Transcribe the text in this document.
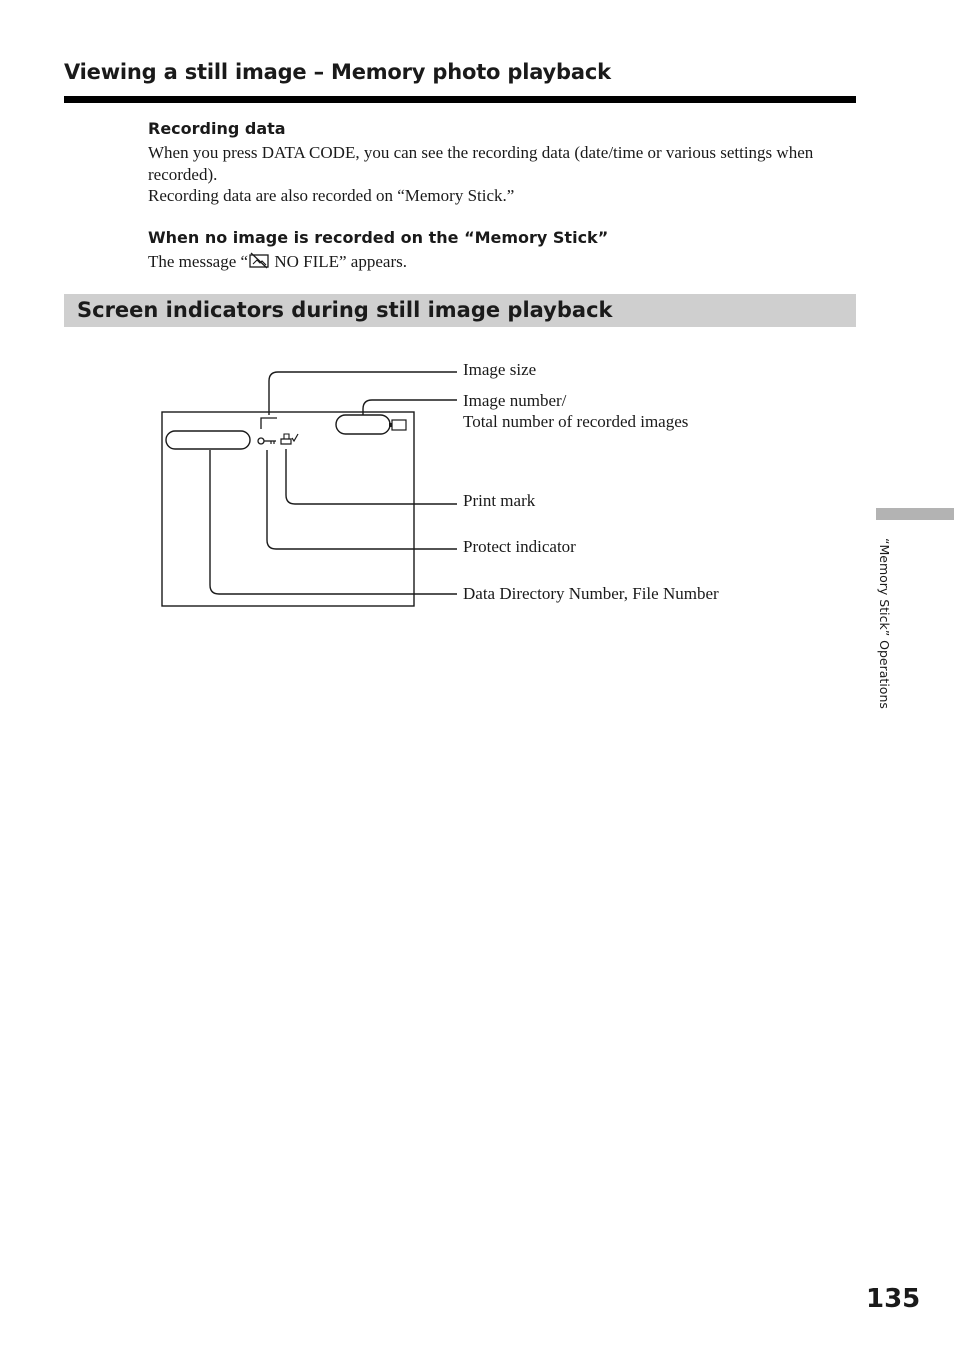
Viewing a still image – Memory photo playback

Recording data

When you press DATA CODE, you can see the recording data (date/time or various settings when recorded).

Recording data are also recorded on “Memory Stick.”

When no image is recorded on the “Memory Stick”

The message “ NO FILE” appears.

Screen indicators during still image playback

Image size

Image number/

Total number of recorded images

Print mark

Protect indicator

Data Directory Number, File Number	“Memory Stick” Operations
135
